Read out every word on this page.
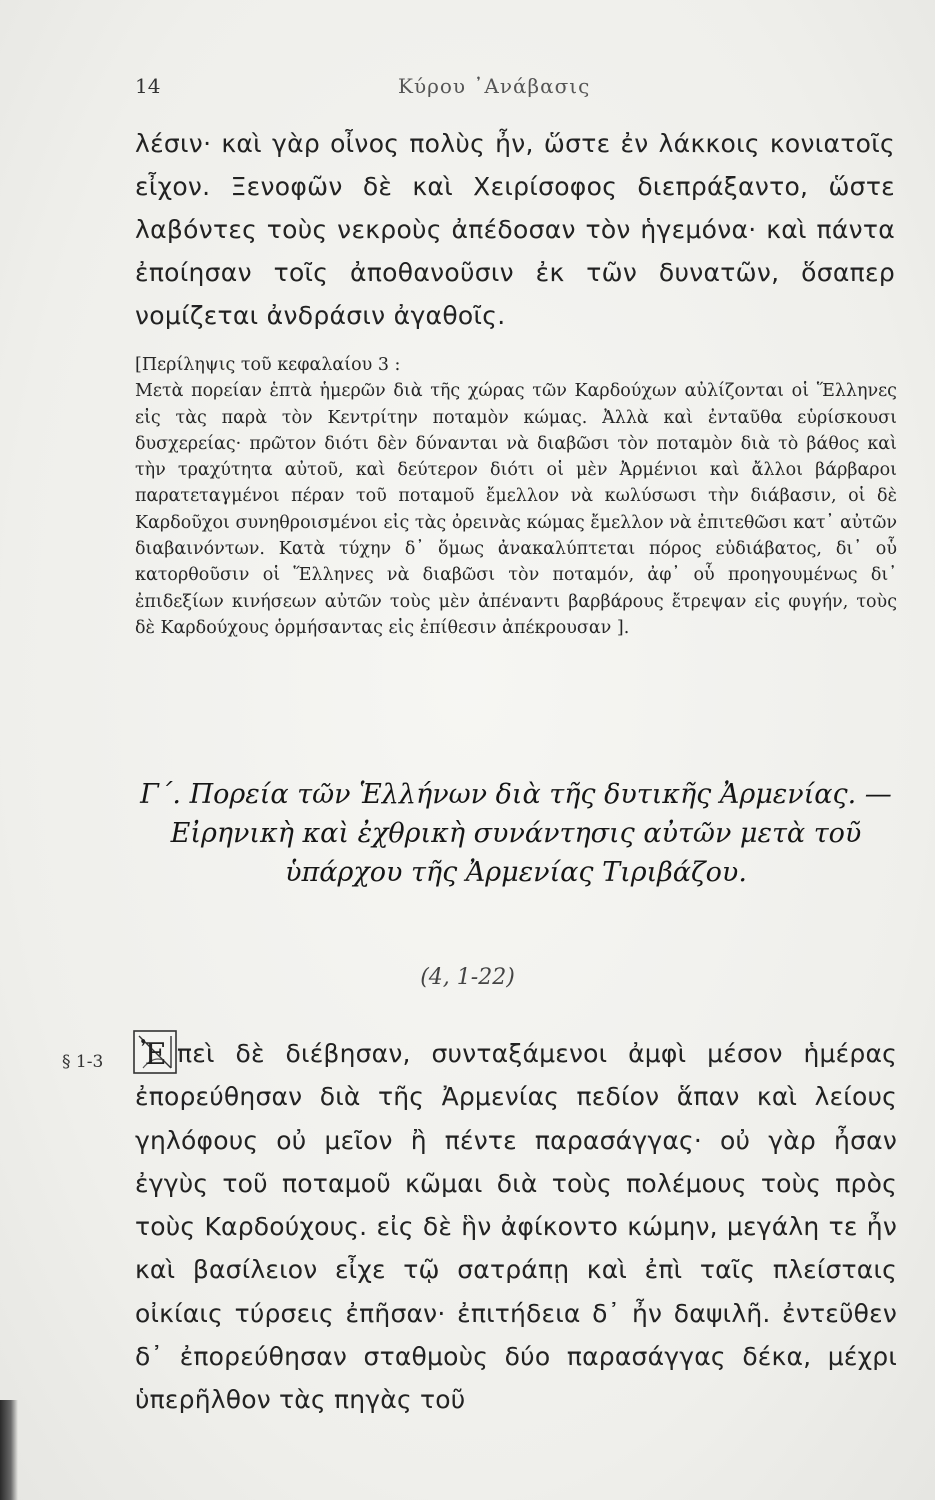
14	Κύρου ᾿Ανάβασις
λέσιν· καὶ γὰρ οἶνος πολὺς ἦν, ὥστε ἐν λάκκοις κονιατοῖς εἶχον. Ξενοφῶν δὲ καὶ Χειρίσοφος διεπράξαντο, ὥστε λαβόντες τοὺς νεκροὺς ἀπέδοσαν τὸν ἡγεμόνα· καὶ πάντα ἐποίησαν τοῖς ἀποθανοῦσιν ἐκ τῶν δυνατῶν, ὅσαπερ νομίζεται ἀνδράσιν ἀγαθοῖς.
[Περίληψις τοῦ κεφαλαίου 3 :
Μετὰ πορείαν ἑπτὰ ἡμερῶν διὰ τῆς χώρας τῶν Καρδούχων αὐλίζονται οἱ Ἕλληνες εἰς τὰς παρὰ τὸν Κεντρίτην ποταμὸν κώμας. Ἀλλὰ καὶ ἐνταῦθα εὑρίσκουσι δυσχερείας· πρῶτον διότι δὲν δύνανται νὰ διαβῶσι τὸν ποταμὸν διὰ τὸ βάθος καὶ τὴν τραχύτητα αὐτοῦ, καὶ δεύτερον διότι οἱ μὲν Ἀρμένιοι καὶ ἄλλοι βάρβαροι παρατεταγμένοι πέραν τοῦ ποταμοῦ ἔμελλον νὰ κωλύσωσι τὴν διάβασιν, οἱ δὲ Καρδοῦχοι συνηθροισμένοι εἰς τὰς ὀρεινὰς κώμας ἔμελλον νὰ ἐπιτεθῶσι κατ᾿ αὐτῶν διαβαινόντων. Κατὰ τύχην δ᾿ ὅμως ἀνακαλύπτεται πόρος εὐδιάβατος, δι᾿ οὗ κατορθοῦσιν οἱ Ἕλληνες νὰ διαβῶσι τὸν ποταμόν, ἀφ᾿ οὗ προηγουμένως δι᾿ ἐπιδεξίων κινήσεων αὐτῶν τοὺς μὲν ἀπέναντι βαρβάρους ἔτρεψαν εἰς φυγήν, τοὺς δὲ Καρδούχους ὁρμήσαντας εἰς ἐπίθεσιν ἀπέκρουσαν ].
Γ΄. Πορεία τῶν Ἑλλήνων διὰ τῆς δυτικῆς Ἀρμενίας. — Εἰρηνικὴ καὶ ἐχθρικὴ συνάντησις αὐτῶν μετὰ τοῦ ὑπάρχου τῆς Ἀρμενίας Τιριβάζου.
(4, 1-22)
§ 1-3 Ἐ πεὶ δὲ διέβησαν, συνταξάμενοι ἀμφὶ μέσον ἡμέρας ἐπορεύθησαν διὰ τῆς Ἀρμενίας πεδίον ἅπαν καὶ λείους γηλόφους οὐ μεῖον ἢ πέντε παρασάγγας· οὐ γὰρ ἦσαν ἐγγὺς τοῦ ποταμοῦ κῶμαι διὰ τοὺς πολέμους τοὺς πρὸς τοὺς Καρδούχους. εἰς δὲ ἣν ἀφίκοντο κώμην, μεγάλη τε ἦν καὶ βασίλειον εἶχε τῷ σατράπῃ καὶ ἐπὶ ταῖς πλείσταις οἰκίαις τύρσεις ἐπῆσαν· ἐπιτήδεια δ᾿ ἦν δαψιλῆ. ἐντεῦθεν δ᾿ ἐπορεύθησαν σταθμοὺς δύο παρασάγγας δέκα, μέχρι ὑπερῆλθον τὰς πηγὰς τοῦ
